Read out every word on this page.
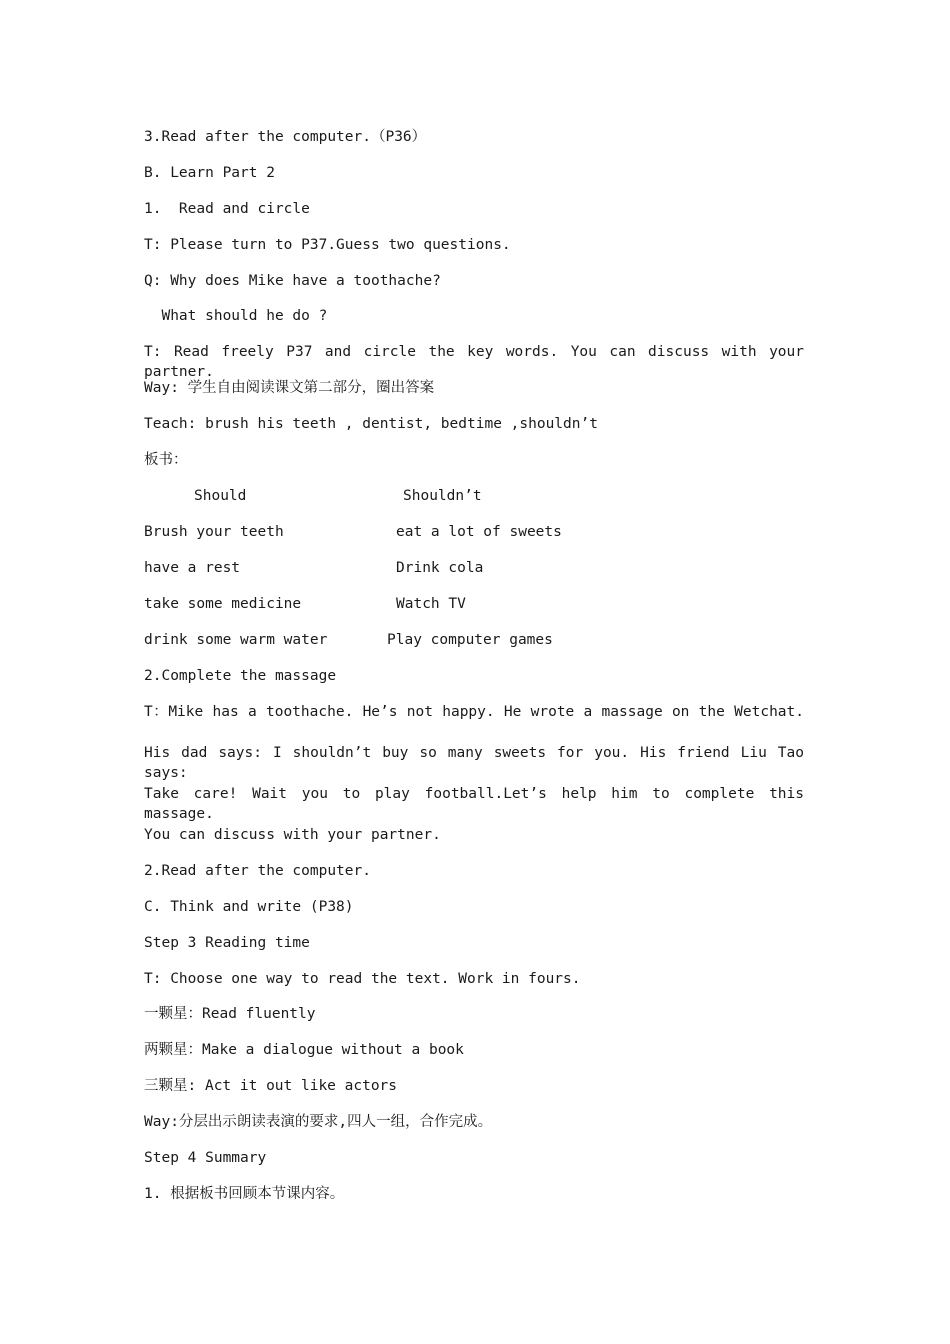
3.Read after the computer.（P36）
B. Learn Part 2
1.  Read and circle
T: Please turn to P37.Guess two questions.
Q: Why does Mike have a toothache?
What should he do ?
T: Read freely P37 and circle the key words. You can discuss with your partner.
Way: 学生自由阅读课文第二部分，圈出答案
Teach: brush his teeth , dentist, bedtime ,shouldn’t
板书：
Should	Shouldn’t
Brush your teeth	eat a lot of sweets
have a rest	Drink cola
take some medicine	Watch TV
drink some warm water	Play computer games
2.Complete the massage
T：Mike has a toothache. He’s not happy. He wrote a massage on the Wetchat.
His dad says: I shouldn’t buy so many sweets for you. His friend Liu Tao says:
Take care! Wait you to play football.Let’s help him to complete this massage.
You can discuss with your partner.
2.Read after the computer.
C. Think and write (P38)
Step 3 Reading time
T: Choose one way to read the text. Work in fours.
一颗星：Read fluently
两颗星：Make a dialogue without a book
三颗星: Act it out like actors
Way:分层出示朗读表演的要求,四人一组，合作完成。
Step 4 Summary
1. 根据板书回顾本节课内容。
